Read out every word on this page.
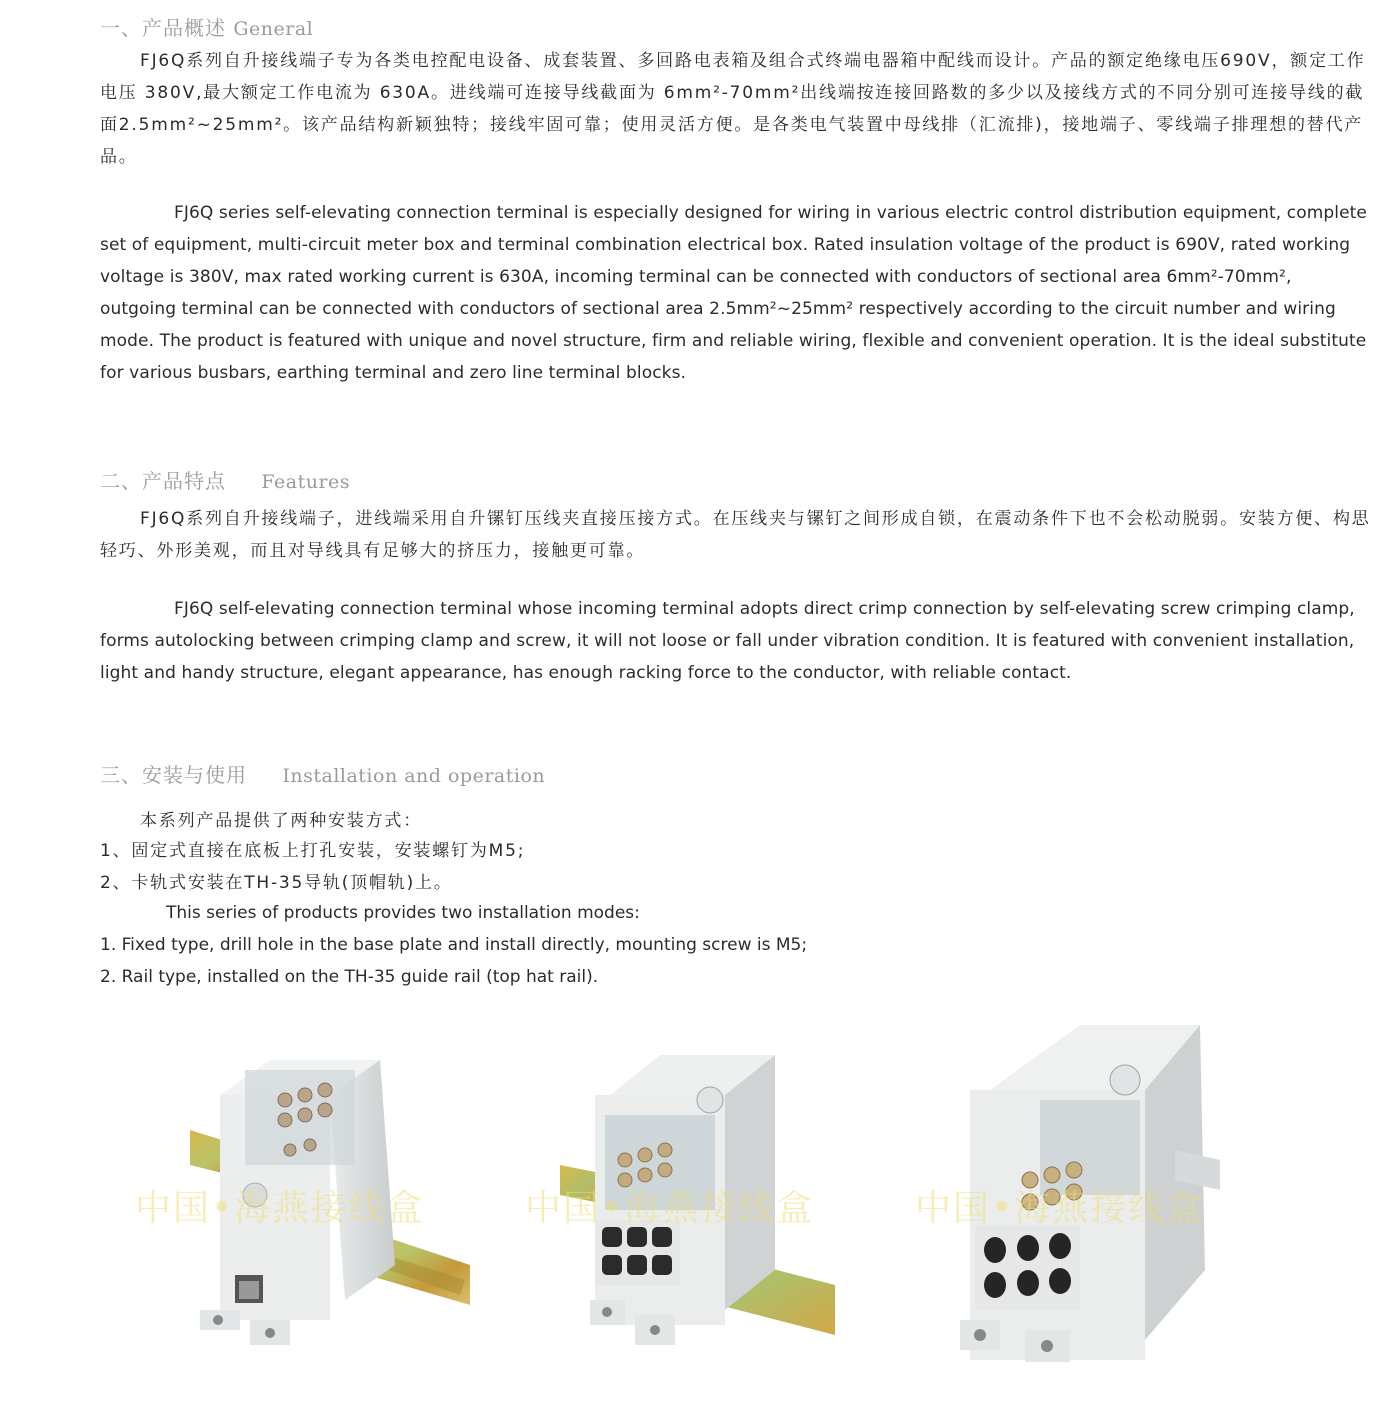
一、产品概述 General

FJ6Q系列自升接线端子专为各类电控配电设备、成套装置、多回路电表箱及组合式终端电器箱中配线而设计。产品的额定绝缘电压690V，额定工作电压 380V,最大额定工作电流为 630A。进线端可连接导线截面为 6mm²-70mm²出线端按连接回路数的多少以及接线方式的不同分别可连接导线的截面2.5mm²~25mm²。该产品结构新颖独特；接线牢固可靠；使用灵活方便。是各类电气装置中母线排（汇流排)，接地端子、零线端子排理想的替代产品。

FJ6Q series self-elevating connection terminal is especially designed for wiring in various electric control distribution equipment, complete set of equipment, multi-circuit meter box and terminal combination electrical box. Rated insulation voltage of the product is 690V, rated working voltage is 380V, max rated working current is 630A, incoming terminal can be connected with conductors of sectional area 6mm²-70mm², outgoing terminal can be connected with conductors of sectional area 2.5mm²~25mm² respectively according to the circuit number and wiring mode. The product is featured with unique and novel structure, firm and reliable wiring, flexible and convenient operation. It is the ideal substitute for various busbars, earthing terminal and zero line terminal blocks.

二、产品特点 Features

FJ6Q系列自升接线端子，进线端采用自升镙钉压线夹直接压接方式。在压线夹与镙钉之间形成自锁，在震动条件下也不会松动脱弱。安装方便、构思轻巧、外形美观，而且对导线具有足够大的挤压力，接触更可靠。

FJ6Q self-elevating connection terminal whose incoming terminal adopts direct crimp connection by self-elevating screw crimping clamp, forms autolocking between crimping clamp and screw, it will not loose or fall under vibration condition. It is featured with convenient installation, light and handy structure, elegant appearance, has enough racking force to the conductor, with reliable contact.

三、安装与使用 Installation and operation
本系列产品提供了两种安装方式：
1、固定式直接在底板上打孔安装，安装螺钉为M5;
2、卡轨式安装在TH-35导轨(顶帽轨)上。
This series of products provides two installation modes:
1. Fixed type, drill hole in the base plate and install directly, mounting screw is M5;
2. Rail type, installed on the TH-35 guide rail (top hat rail).
中国•海燕接线盒	中国•海燕接线盒	中国•海燕接线盒
